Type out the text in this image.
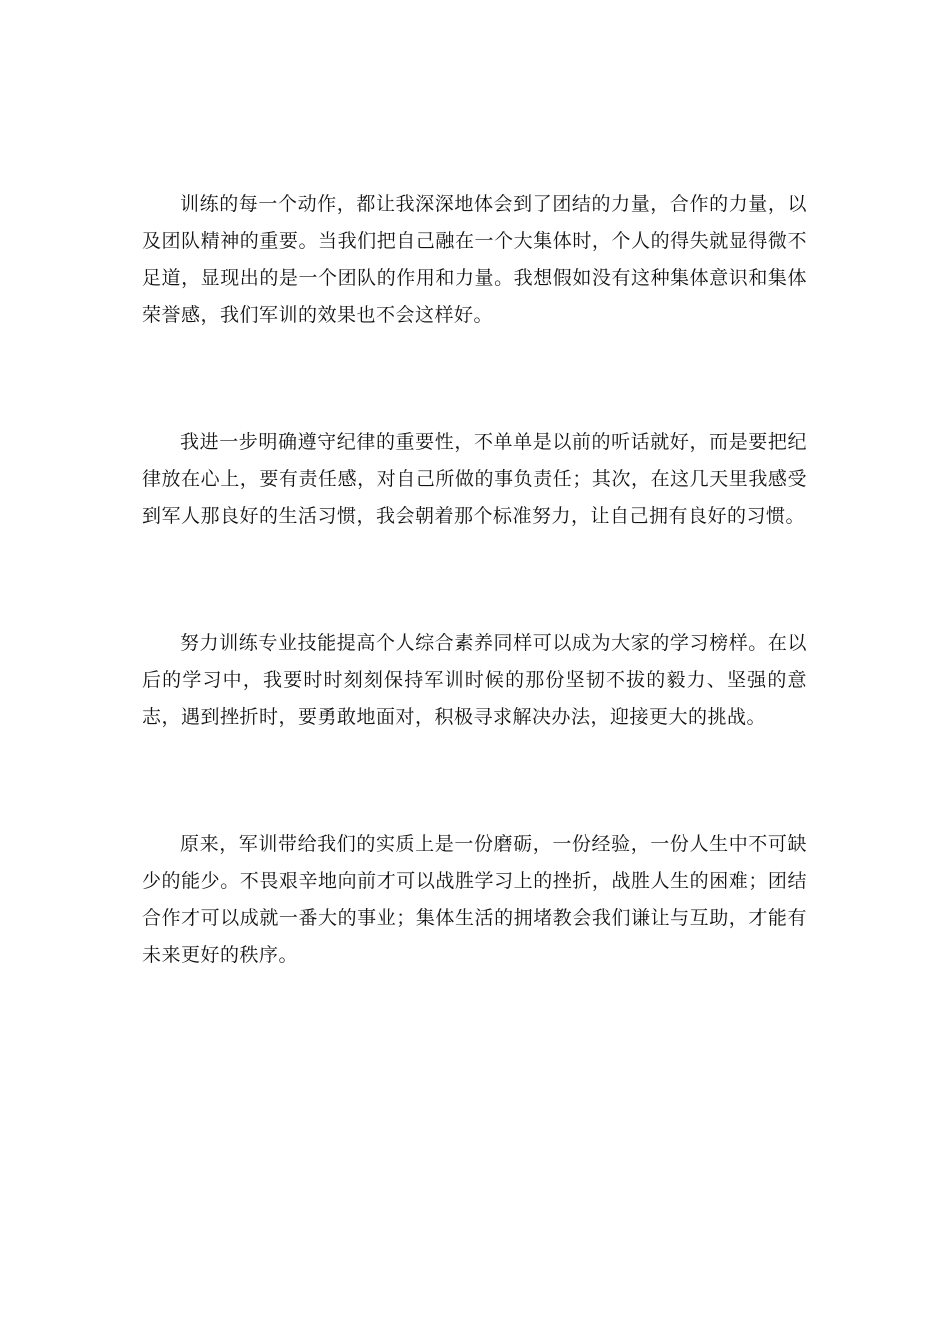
训练的每一个动作，都让我深深地体会到了团结的力量，合作的力量，以及团队精神的重要。当我们把自己融在一个大集体时，个人的得失就显得微不足道，显现出的是一个团队的作用和力量。我想假如没有这种集体意识和集体荣誉感，我们军训的效果也不会这样好。

我进一步明确遵守纪律的重要性，不单单是以前的听话就好，而是要把纪律放在心上，要有责任感，对自己所做的事负责任；其次，在这几天里我感受到军人那良好的生活习惯，我会朝着那个标准努力，让自己拥有良好的习惯。

努力训练专业技能提高个人综合素养同样可以成为大家的学习榜样。在以后的学习中，我要时时刻刻保持军训时候的那份坚韧不拔的毅力、坚强的意志，遇到挫折时，要勇敢地面对，积极寻求解决办法，迎接更大的挑战。

原来，军训带给我们的实质上是一份磨砺，一份经验，一份人生中不可缺少的能少。不畏艰辛地向前才可以战胜学习上的挫折，战胜人生的困难；团结合作才可以成就一番大的事业；集体生活的拥堵教会我们谦让与互助，才能有未来更好的秩序。
